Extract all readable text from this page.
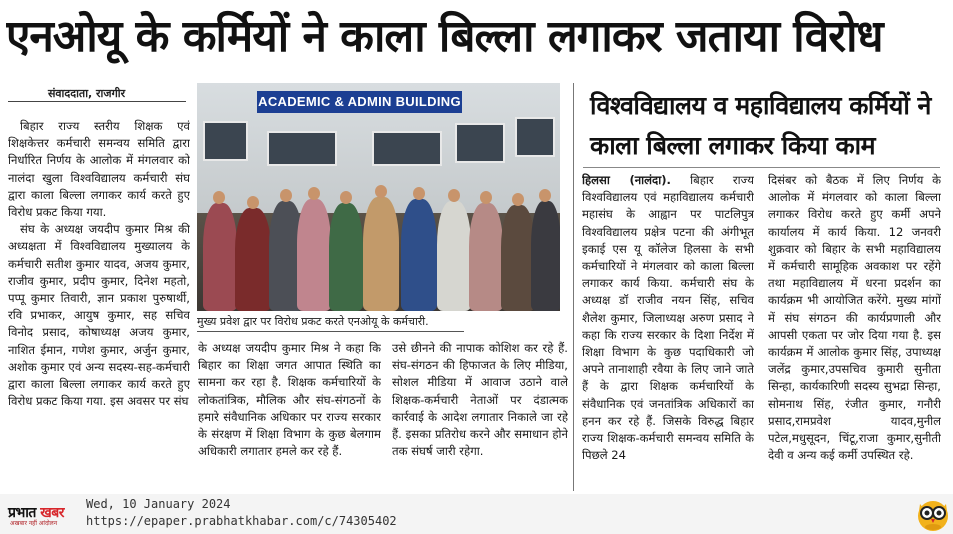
एनओयू के कर्मियों ने काला बिल्ला लगाकर जताया विरोध
संवाददाता, राजगीर

बिहार राज्य स्तरीय शिक्षक एवं शिक्षकेत्तर कर्मचारी समन्वय समिति द्वारा निर्धारित निर्णय के आलोक में मंगलवार को नालंदा खुला विश्वविद्यालय कर्मचारी संघ द्वारा काला बिल्ला लगाकर कार्य करते हुए विरोध प्रकट किया गया.

संघ के अध्यक्ष जयदीप कुमार मिश्र की अध्यक्षता में विश्वविद्यालय मुख्यालय के कर्मचारी सतीश कुमार यादव, अजय कुमार, राजीव कुमार, प्रदीप कुमार, दिनेश महतो, पप्पू कुमार तिवारी, ज्ञान प्रकाश पुरुषार्थी, रवि प्रभाकर, आयुष कुमार, सह सचिव विनोद प्रसाद, कोषाध्यक्ष अजय कुमार, नाशित ईमान, गणेश कुमार, अर्जुन कुमार, अशोक कुमार एवं अन्य सदस्य-सह-कर्मचारी द्वारा काला बिल्ला लगाकर कार्य करते हुए विरोध प्रकट किया गया. इस अवसर पर संघ

ACADEMIC & ADMIN BUILDING
मुख्य प्रवेश द्वार पर विरोध प्रकट करते एनओयू के कर्मचारी.

के अध्यक्ष जयदीप कुमार मिश्र ने कहा कि बिहार का शिक्षा जगत आपात स्थिति का सामना कर रहा है. शिक्षक कर्मचारियों के लोकतांत्रिक, मौलिक और संघ-संगठनों के हमारे संवैधानिक अधिकार पर राज्य सरकार के संरक्षण में शिक्षा विभाग के कुछ बेलगाम अधिकारी लगातार हमले कर रहे हैं.

उसे छीनने की नापाक कोशिश कर रहे हैं. संघ-संगठन की हिफाजत के लिए मीडिया, सोशल मीडिया में आवाज उठाने वाले शिक्षक-कर्मचारी नेताओं पर दंडात्मक कार्रवाई के आदेश लगातार निकाले जा रहे हैं. इसका प्रतिरोध करने और समाधान होने तक संघर्ष जारी रहेगा.

विश्वविद्यालय व महाविद्यालय कर्मियों ने काला बिल्ला लगाकर किया काम

हिलसा (नालंदा). बिहार राज्य विश्वविद्यालय एवं महाविद्यालय कर्मचारी महासंघ के आह्वान पर पाटलिपुत्र विश्वविद्यालय प्रक्षेत्र पटना की अंगीभूत इकाई एस यू कॉलेज हिलसा के सभी कर्मचारियों ने मंगलवार को काला बिल्ला लगाकर कार्य किया. कर्मचारी संघ के अध्यक्ष डॉ राजीव नयन सिंह, सचिव शैलेश कुमार, जिलाध्यक्ष अरुण प्रसाद ने कहा कि राज्य सरकार के दिशा निर्देश में शिक्षा विभाग के कुछ पदाधिकारी जो अपने तानाशाही रवैया के लिए जाने जाते हैं के द्वारा शिक्षक कर्मचारियों के संवैधानिक एवं जनतांत्रिक अधिकारों का हनन कर रहे हैं. जिसके विरुद्ध बिहार राज्य शिक्षक-कर्मचारी समन्वय समिति के पिछले 24

दिसंबर को बैठक में लिए निर्णय के आलोक में मंगलवार को काला बिल्ला लगाकर विरोध करते हुए कर्मी अपने कार्यालय में कार्य किया. 12 जनवरी शुक्रवार को बिहार के सभी महाविद्यालय में कर्मचारी सामूहिक अवकाश पर रहेंगे तथा महाविद्यालय में धरना प्रदर्शन का कार्यक्रम भी आयोजित करेंगे. मुख्य मांगों में संघ संगठन की कार्यप्रणाली और आपसी एकता पर जोर दिया गया है. इस कार्यक्रम में आलोक कुमार सिंह, उपाध्यक्ष जलेंद्र कुमार,उपसचिव कुमारी सुनीता सिन्हा, कार्यकारिणी सदस्य सुभद्रा सिन्हा, सोमनाथ सिंह, रंजीत कुमार, गनौरी प्रसाद,रामप्रवेश यादव,मुनील पटेल,मधुसूदन, चिंटू,राजा कुमार,सुनीती देवी व अन्य कई कर्मी उपस्थित रहे.

प्रभात खबर
अखबार नहीं आंदोलन
Wed, 10 January 2024
https://epaper.prabhatkhabar.com/c/74305402
